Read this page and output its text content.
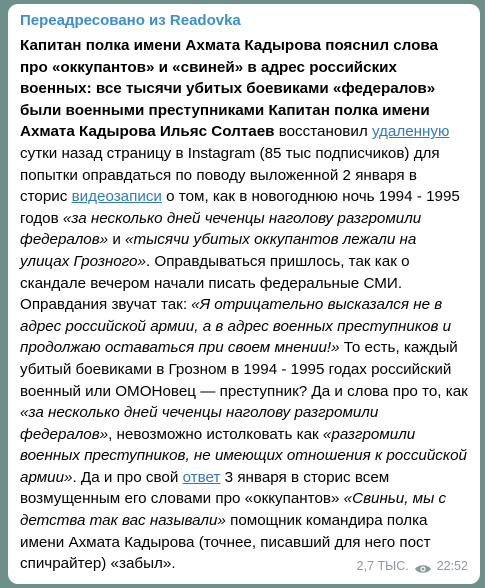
Переадресовано из Readovka
Капитан полка имени Ахмата Кадырова пояснил слова про «оккупантов» и «свиней» в адрес российских военных: все тысячи убитых боевиками «федералов» были военными преступниками Капитан полка имени Ахмата Кадырова Ильяс Солтаев восстановил удаленную сутки назад страницу в Instagram (85 тыс подписчиков) для попытки оправдаться по поводу выложенной 2 января в сторис видеозаписи о том, как в новогоднюю ночь 1994 - 1995 годов «за несколько дней чеченцы наголову разгромили федералов» и «тысячи убитых оккупантов лежали на улицах Грозного». Оправдываться пришлось, так как о скандале вечером начали писать федеральные СМИ. Оправдания звучат так: «Я отрицательно высказался не в адрес российской армии, а в адрес военных преступников и продолжаю оставаться при своем мнении!» То есть, каждый убитый боевиками в Грозном в 1994 - 1995 годах российский военный или ОМОНовец — преступник? Да и слова про то, как «за несколько дней чеченцы наголову разгромили федералов», невозможно истолковать как «разгромили военных преступников, не имеющих отношения к российской армии». Да и про свой ответ 3 января в сторис всем возмущенным его словами про «оккупантов» «Свиньи, мы с детства так вас называли» помощник командира полка имени Ахмата Кадырова (точнее, писавший для него пост спичрайтер) «забыл».	2,7 ТЫС. 22:52
